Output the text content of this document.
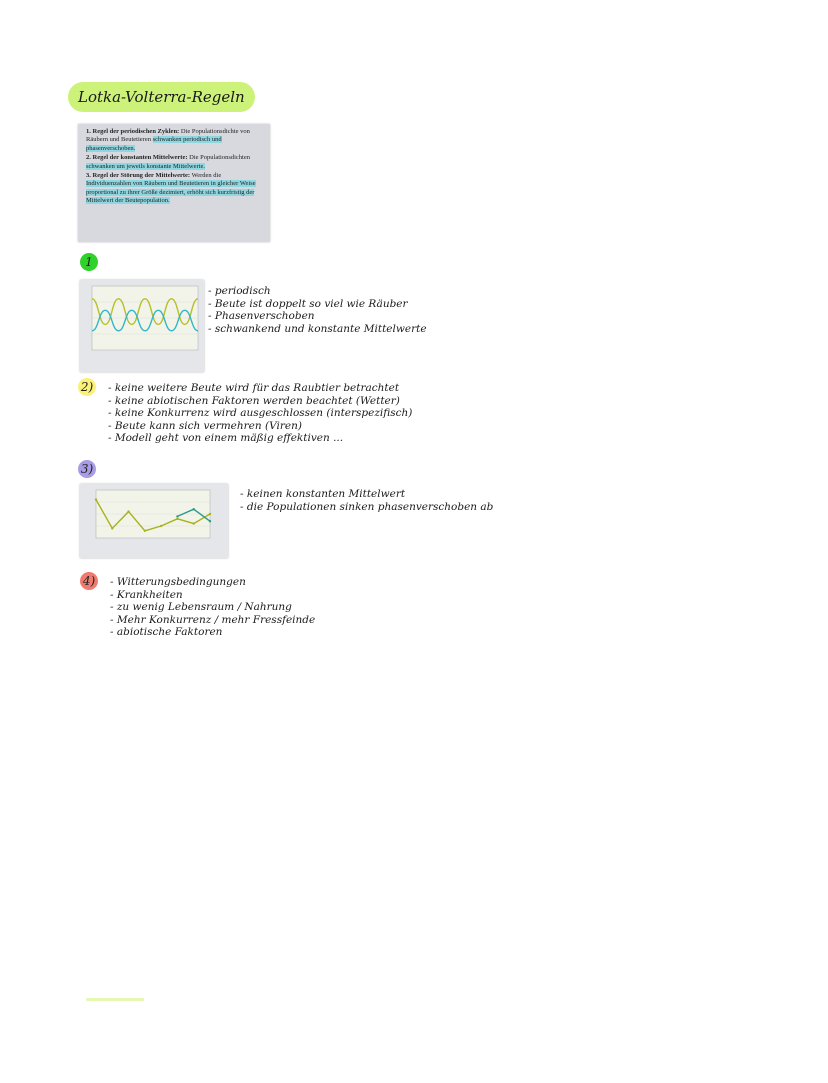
Lotka-Volterra-Regeln
1. Regel der periodischen Zyklen: Die Populationsdichte von Räubern und Beutetieren schwanken periodisch und phasenverschoben.
2. Regel der konstanten Mittelwerte: Die Populationsdichten schwanken um jeweils konstante Mittelwerte.
3. Regel der Störung der Mittelwerte: Werden die Individuenzahlen von Räubern und Beutetieren in gleicher Weise proportional zu ihrer Größe dezimiert, erhöht sich kurzfristig der Mittelwert der Beutepopulation.
1
- periodisch
- Beute ist doppelt so viel wie Räuber
- Phasenverschoben
- schwankend und konstante Mittelwerte
2) - keine weitere Beute wird für das Raubtier betrachtet
- keine abiotischen Faktoren werden beachtet (Wetter)
- keine Konkurrenz wird ausgeschlossen (interspezifisch)
- Beute kann sich vermehren (Viren)
- Modell geht von einem mäßig effektiven ...
3)
- keinen konstanten Mittelwert
- die Populationen sinken phasenverschoben ab
4) - Witterungsbedingungen
- Krankheiten
- zu wenig Lebensraum / Nahrung
- Mehr Konkurrenz / mehr Fressfeinde
- abiotische Faktoren
